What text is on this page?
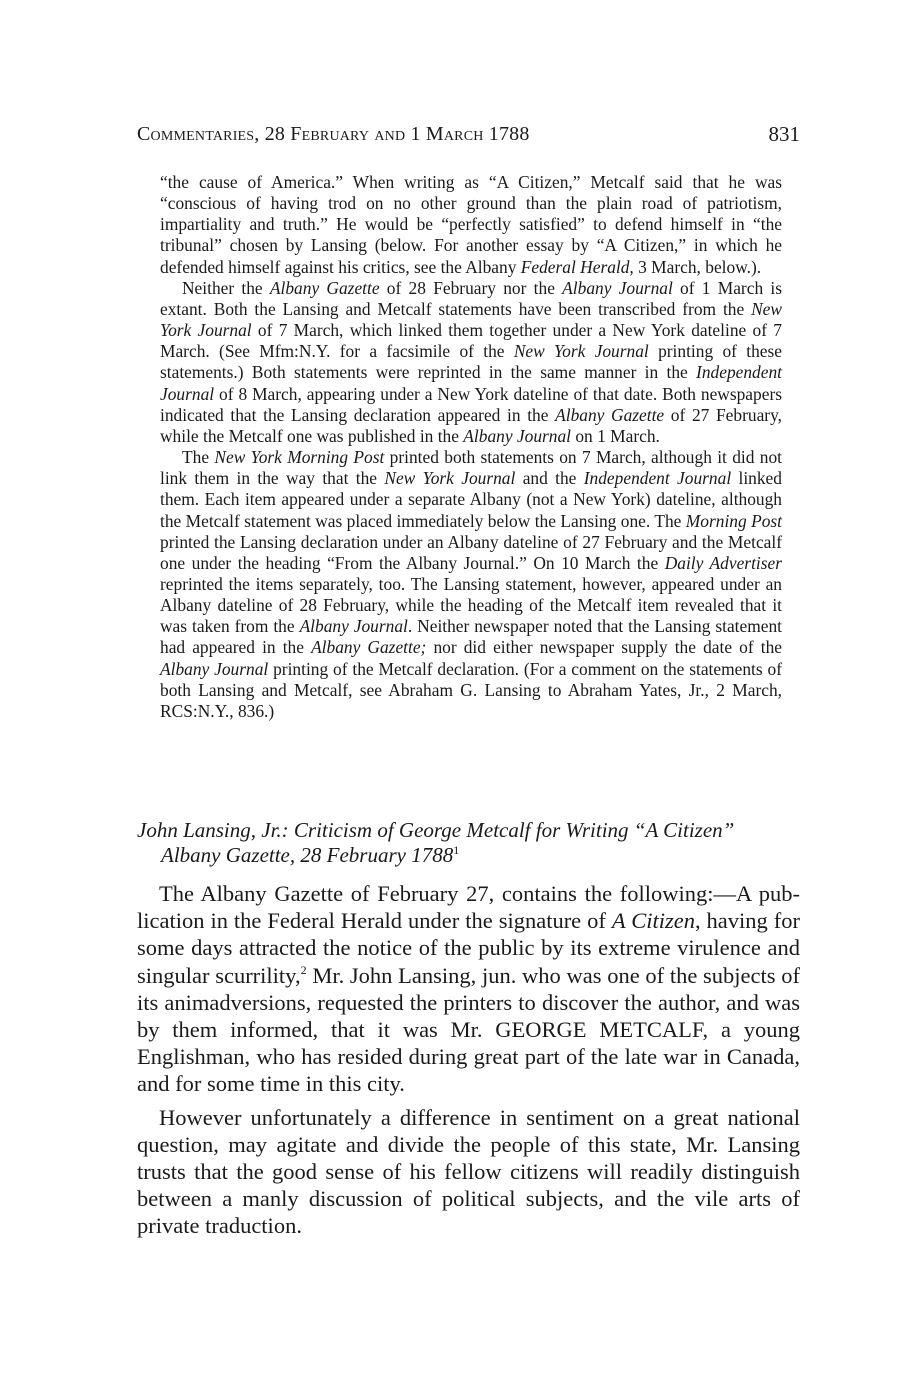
Commentaries, 28 February and 1 March 1788	831

“the cause of America.” When writing as “A Citizen,” Metcalf said that he was “conscious of having trod on no other ground than the plain road of patriotism, impartiality and truth.” He would be “perfectly satisfied” to defend himself in “the tribunal” chosen by Lansing (below. For another essay by “A Citizen,” in which he defended himself against his critics, see the Albany Federal Herald, 3 March, below.).

Neither the Albany Gazette of 28 February nor the Albany Journal of 1 March is extant. Both the Lansing and Metcalf statements have been transcribed from the New York Journal of 7 March, which linked them together under a New York dateline of 7 March. (See Mfm:N.Y. for a facsimile of the New York Journal printing of these statements.) Both statements were reprinted in the same manner in the Independent Journal of 8 March, appearing under a New York dateline of that date. Both newspapers indicated that the Lansing declaration appeared in the Albany Gazette of 27 February, while the Metcalf one was published in the Albany Journal on 1 March.

The New York Morning Post printed both statements on 7 March, although it did not link them in the way that the New York Journal and the Independent Journal linked them. Each item appeared under a separate Albany (not a New York) dateline, although the Metcalf statement was placed immediately below the Lansing one. The Morning Post printed the Lansing declaration under an Albany dateline of 27 February and the Metcalf one under the heading “From the Albany Journal.” On 10 March the Daily Advertiser reprinted the items separately, too. The Lansing statement, however, appeared under an Albany dateline of 28 February, while the heading of the Metcalf item revealed that it was taken from the Albany Journal. Neither newspaper noted that the Lansing statement had appeared in the Albany Gazette; nor did either newspaper supply the date of the Albany Journal printing of the Metcalf declaration. (For a comment on the statements of both Lansing and Metcalf, see Abraham G. Lansing to Abraham Yates, Jr., 2 March, RCS:N.Y., 836.)

John Lansing, Jr.: Criticism of George Metcalf for Writing “A Citizen”
Albany Gazette, 28 February 1788$^1$

The Albany Gazette of February 27, contains the following:—A publication in the Federal Herald under the signature of A Citizen, having for some days attracted the notice of the public by its extreme virulence and singular scurrility,$^2$ Mr. John Lansing, jun. who was one of the subjects of its animadversions, requested the printers to discover the author, and was by them informed, that it was Mr. GEORGE METCALF, a young Englishman, who has resided during great part of the late war in Canada, and for some time in this city.

However unfortunately a difference in sentiment on a great national question, may agitate and divide the people of this state, Mr. Lansing trusts that the good sense of his fellow citizens will readily distinguish between a manly discussion of political subjects, and the vile arts of private traduction.
